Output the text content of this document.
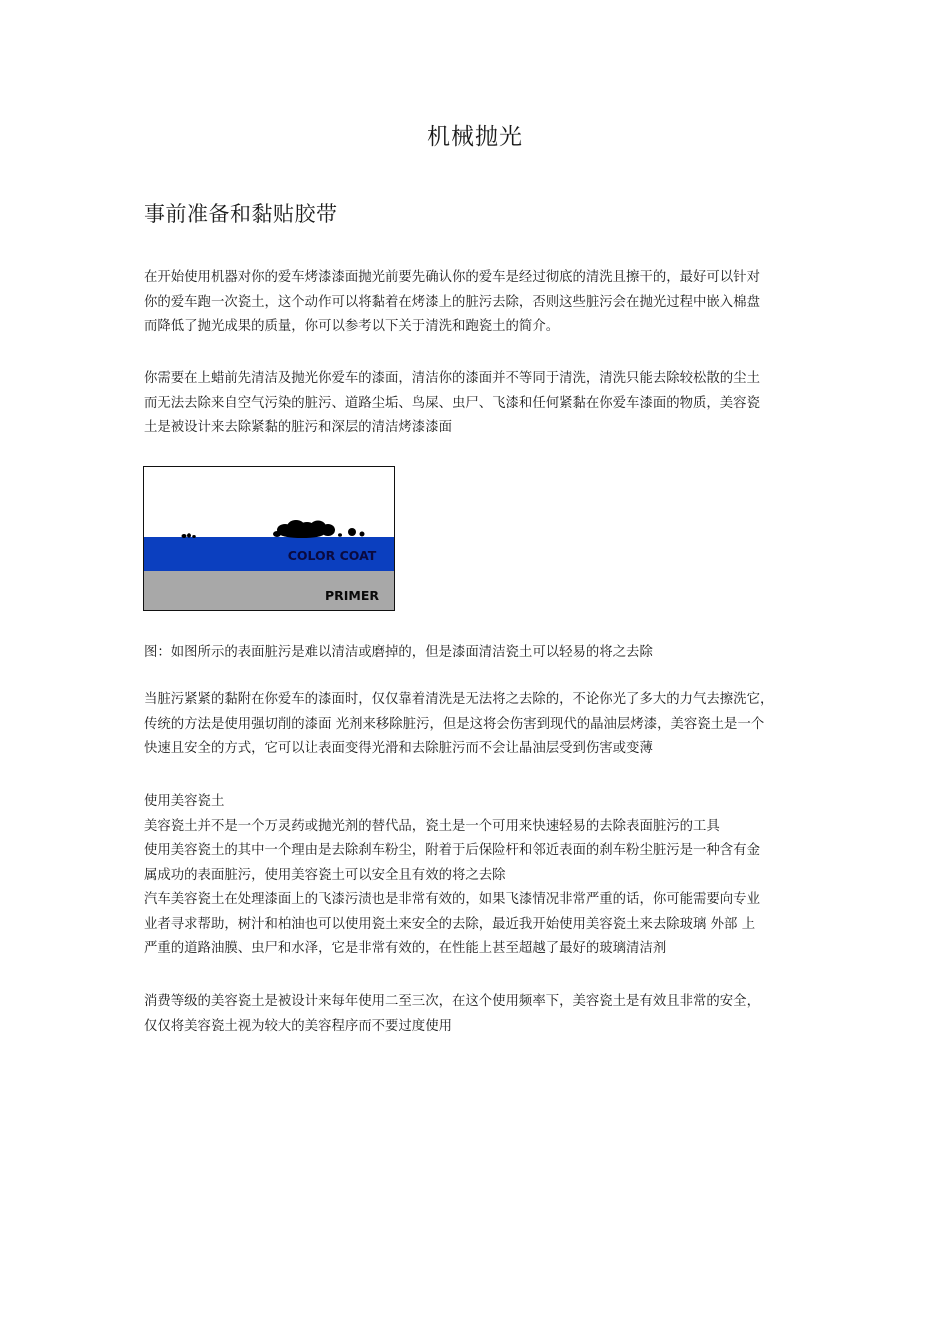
机械抛光
事前准备和黏贴胶带
在开始使用机器对你的爱车烤漆漆面抛光前要先确认你的爱车是经过彻底的清洗且擦干的，最好可以针对
你的爱车跑一次瓷土，这个动作可以将黏着在烤漆上的脏污去除，否则这些脏污会在抛光过程中嵌入棉盘
而降低了抛光成果的质量，你可以参考以下关于清洗和跑瓷土的简介。
你需要在上蜡前先清洁及抛光你爱车的漆面，清洁你的漆面并不等同于清洗，清洗只能去除较松散的尘土
而无法去除来自空气污染的脏污、道路尘垢、鸟屎、虫尸、飞漆和任何紧黏在你爱车漆面的物质，美容瓷
土是被设计来去除紧黏的脏污和深层的清洁烤漆漆面
COLOR COAT
PRIMER
图：如图所示的表面脏污是难以清洁或磨掉的，但是漆面清洁瓷土可以轻易的将之去除
当脏污紧紧的黏附在你爱车的漆面时，仅仅靠着清洗是无法将之去除的，不论你光了多大的力气去擦洗它，
传统的方法是使用强切削的漆面 光剂来移除脏污，但是这将会伤害到现代的晶油层烤漆，美容瓷土是一个
快速且安全的方式，它可以让表面变得光滑和去除脏污而不会让晶油层受到伤害或变薄
使用美容瓷土
美容瓷土并不是一个万灵药或抛光剂的替代品，瓷土是一个可用来快速轻易的去除表面脏污的工具
使用美容瓷土的其中一个理由是去除刹车粉尘，附着于后保险杆和邻近表面的刹车粉尘脏污是一种含有金
属成功的表面脏污，使用美容瓷土可以安全且有效的将之去除
汽车美容瓷土在处理漆面上的飞漆污渍也是非常有效的，如果飞漆情况非常严重的话，你可能需要向专业
业者寻求帮助，树汁和柏油也可以使用瓷土来安全的去除，最近我开始使用美容瓷土来去除玻璃 外部 上
严重的道路油膜、虫尸和水泽，它是非常有效的，在性能上甚至超越了最好的玻璃清洁剂
消费等级的美容瓷土是被设计来每年使用二至三次，在这个使用频率下，美容瓷土是有效且非常的安全，
仅仅将美容瓷土视为较大的美容程序而不要过度使用
